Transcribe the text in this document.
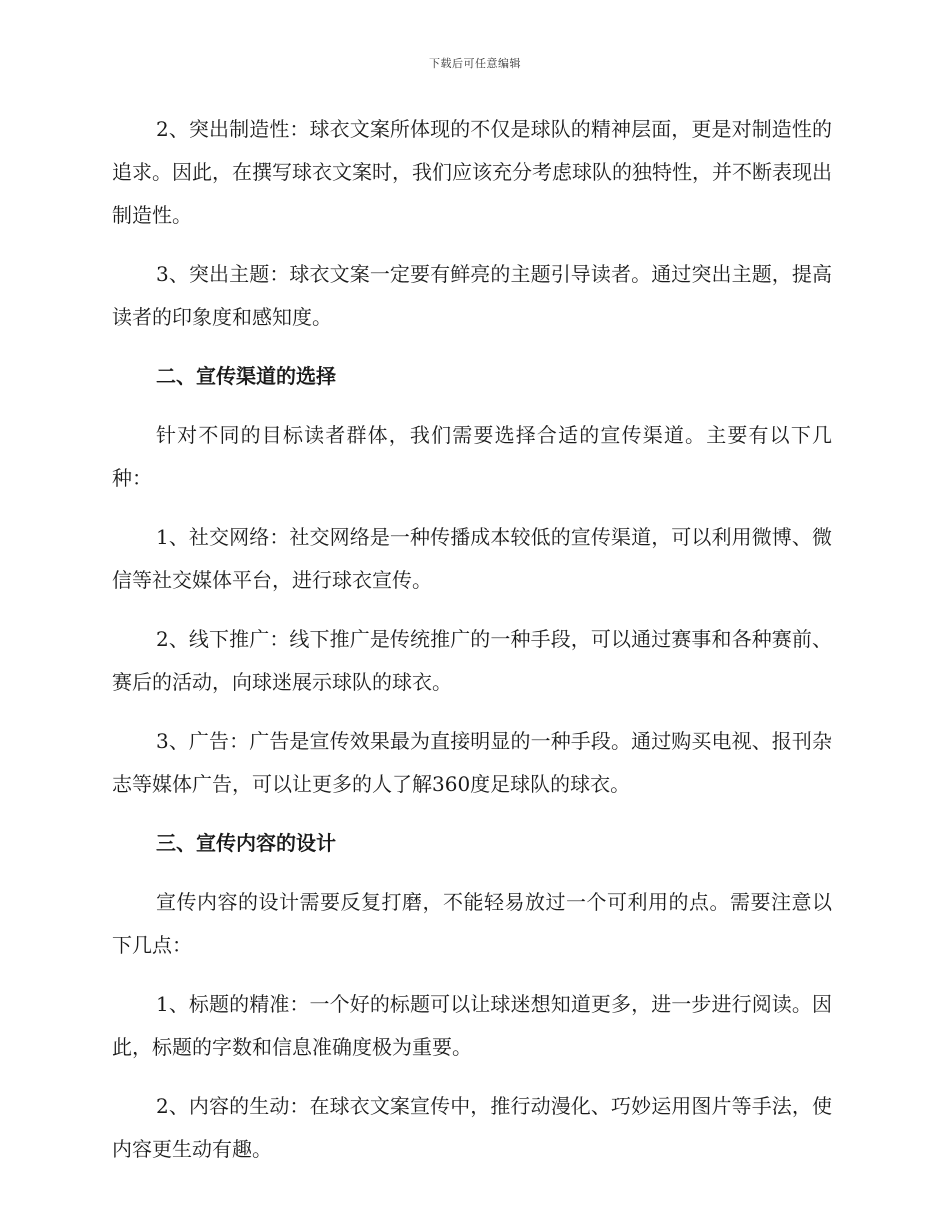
下载后可任意编辑

2、突出制造性：球衣文案所体现的不仅是球队的精神层面，更是对制造性的追求。因此，在撰写球衣文案时，我们应该充分考虑球队的独特性，并不断表现出制造性。

3、突出主题：球衣文案一定要有鲜亮的主题引导读者。通过突出主题，提高读者的印象度和感知度。

二、宣传渠道的选择

针对不同的目标读者群体，我们需要选择合适的宣传渠道。主要有以下几种：

1、社交网络：社交网络是一种传播成本较低的宣传渠道，可以利用微博、微信等社交媒体平台，进行球衣宣传。

2、线下推广：线下推广是传统推广的一种手段，可以通过赛事和各种赛前、赛后的活动，向球迷展示球队的球衣。

3、广告：广告是宣传效果最为直接明显的一种手段。通过购买电视、报刊杂志等媒体广告，可以让更多的人了解360度足球队的球衣。

三、宣传内容的设计

宣传内容的设计需要反复打磨，不能轻易放过一个可利用的点。需要注意以下几点：

1、标题的精准：一个好的标题可以让球迷想知道更多，进一步进行阅读。因此，标题的字数和信息准确度极为重要。

2、内容的生动：在球衣文案宣传中，推行动漫化、巧妙运用图片等手法，使内容更生动有趣。
